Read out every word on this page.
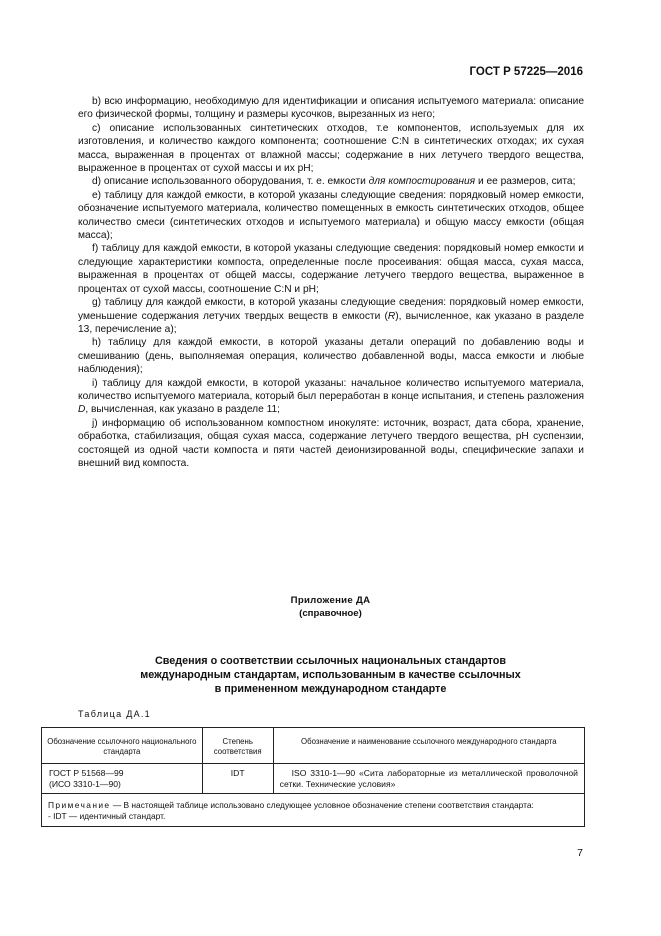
ГОСТ Р 57225—2016

b) всю информацию, необходимую для идентификации и описания испытуемого материала: описание его физической формы, толщину и размеры кусочков, вырезанных из него;

c) описание использованных синтетических отходов, т.е компонентов, используемых для их изготовления, и количество каждого компонента; соотношение C:N в синтетических отходах; их сухая масса, выраженная в процентах от влажной массы; содержание в них летучего твердого вещества, выраженное в процентах от сухой массы и их pH;

d) описание использованного оборудования, т. е. емкости для компостирования и ее размеров, сита;

e) таблицу для каждой емкости, в которой указаны следующие сведения: порядковый номер емкости, обозначение испытуемого материала, количество помещенных в емкость синтетических отходов, общее количество смеси (синтетических отходов и испытуемого материала) и общую массу емкости (общая масса);

f) таблицу для каждой емкости, в которой указаны следующие сведения: порядковый номер емкости и следующие характеристики компоста, определенные после просеивания: общая масса, сухая масса, выраженная в процентах от общей массы, содержание летучего твердого вещества, выраженное в процентах от сухой массы, соотношение C:N и pH;

g) таблицу для каждой емкости, в которой указаны следующие сведения: порядковый номер емкости, уменьшение содержания летучих твердых веществ в емкости (R), вычисленное, как указано в разделе 13, перечисление а);

h) таблицу для каждой емкости, в которой указаны детали операций по добавлению воды и смешиванию (день, выполняемая операция, количество добавленной воды, масса емкости и любые наблюдения);

i) таблицу для каждой емкости, в которой указаны: начальное количество испытуемого материала, количество испытуемого материала, который был переработан в конце испытания, и степень разложения D, вычисленная, как указано в разделе 11;

j) информацию об использованном компостном инокуляте: источник, возраст, дата сбора, хранение, обработка, стабилизация, общая сухая масса, содержание летучего твердого вещества, pH суспензии, состоящей из одной части компоста и пяти частей деионизированной воды, специфические запахи и внешний вид компоста.

Приложение ДА
(справочное)
Сведения о соответствии ссылочных национальных стандартов
международным стандартам, использованным в качестве ссылочных
в примененном международном стандарте
Таблица ДА.1
Обозначение ссылочного национального стандарта	Степень соответствия	Обозначение и наименование ссылочного международного стандарта

ГОСТ Р 51568—99
(ИСО 3310-1—90)	IDT	ISO 3310-1—90 «Сита лабораторные из металлической проволочной сетки. Технические условия»

Примечание — В настоящей таблице использовано следующее условное обозначение степени соответствия стандарта:
- IDT — идентичный стандарт.		
7
